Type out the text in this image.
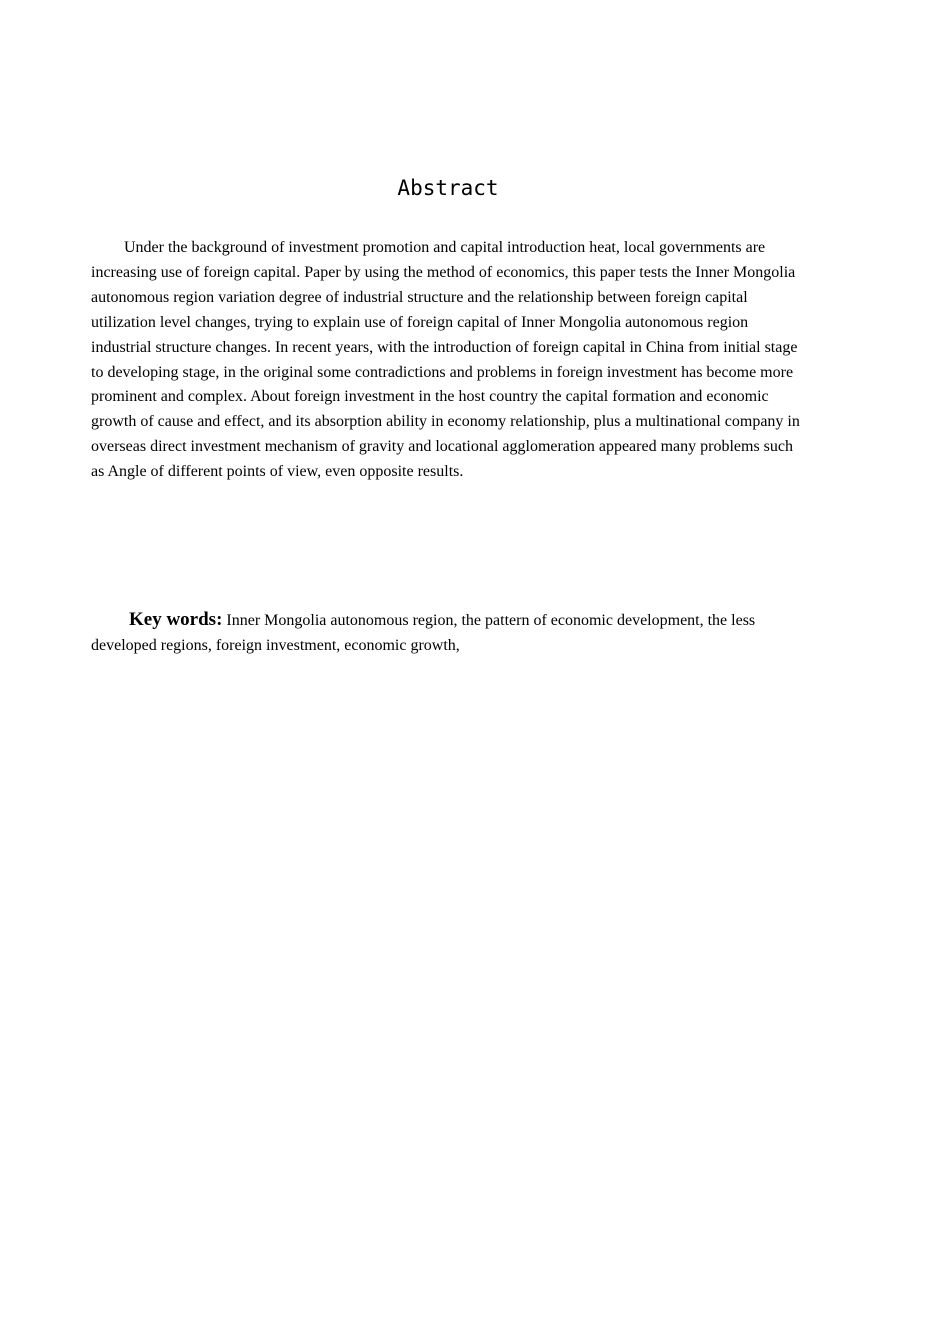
Abstract

Under the background of investment promotion and capital introduction heat, local governments are increasing use of foreign capital. Paper by using the method of economics, this paper tests the Inner Mongolia autonomous region variation degree of industrial structure and the relationship between foreign capital utilization level changes, trying to explain use of foreign capital of Inner Mongolia autonomous region industrial structure changes. In recent years, with the introduction of foreign capital in China from initial stage to developing stage, in the original some contradictions and problems in foreign investment has become more prominent and complex. About foreign investment in the host country the capital formation and economic growth of cause and effect, and its absorption ability in economy relationship, plus a multinational company in overseas direct investment mechanism of gravity and locational agglomeration appeared many problems such as Angle of different points of view, even opposite results.

Key words: Inner Mongolia autonomous region, the pattern of economic development, the less developed regions, foreign investment, economic growth,
